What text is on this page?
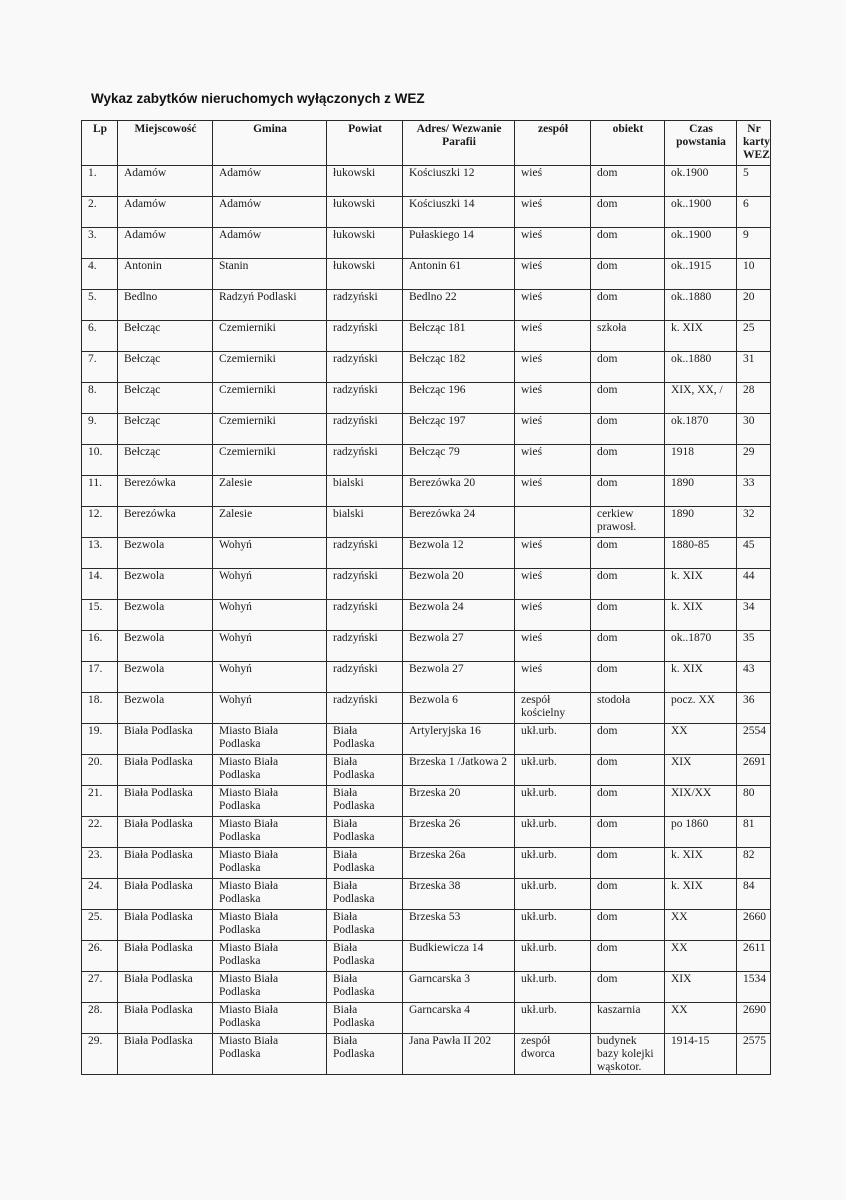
Wykaz zabytków nieruchomych wyłączonych z WEZ
Lp	Miejscowość	Gmina	Powiat	Adres/ Wezwanie Parafii	zespół	obiekt	Czas powstania	Nr karty WEZ
1.	Adamów	Adamów	łukowski	Kościuszki 12	wieś	dom	ok.1900	5
2.	Adamów	Adamów	łukowski	Kościuszki 14	wieś	dom	ok..1900	6
3.	Adamów	Adamów	łukowski	Pułaskiego 14	wieś	dom	ok..1900	9
4.	Antonin	Stanin	łukowski	Antonin 61	wieś	dom	ok..1915	10
5.	Bedlno	Radzyń Podlaski	radzyński	Bedlno 22	wieś	dom	ok..1880	20
6.	Bełcząc	Czemierniki	radzyński	Bełcząc 181	wieś	szkoła	k. XIX	25
7.	Bełcząc	Czemierniki	radzyński	Bełcząc 182	wieś	dom	ok..1880	31
8.	Bełcząc	Czemierniki	radzyński	Bełcząc 196	wieś	dom	XIX, XX, /	28
9.	Bełcząc	Czemierniki	radzyński	Bełcząc 197	wieś	dom	ok.1870	30
10.	Bełcząc	Czemierniki	radzyński	Bełcząc 79	wieś	dom	1918	29
11.	Berezówka	Zalesie	bialski	Berezówka 20	wieś	dom	1890	33
12.	Berezówka	Zalesie	bialski	Berezówka 24		cerkiew prawosł.	1890	32
13.	Bezwola	Wohyń	radzyński	Bezwola 12	wieś	dom	1880-85	45
14.	Bezwola	Wohyń	radzyński	Bezwola 20	wieś	dom	k. XIX	44
15.	Bezwola	Wohyń	radzyński	Bezwola 24	wieś	dom	k. XIX	34
16.	Bezwola	Wohyń	radzyński	Bezwola 27	wieś	dom	ok..1870	35
17.	Bezwola	Wohyń	radzyński	Bezwola 27	wieś	dom	k. XIX	43
18.	Bezwola	Wohyń	radzyński	Bezwola 6	zespół kościelny	stodoła	pocz. XX	36
19.	Biała Podlaska	Miasto Biała Podlaska	Biała Podlaska	Artyleryjska 16	ukł.urb.	dom	XX	2554
20.	Biała Podlaska	Miasto Biała Podlaska	Biała Podlaska	Brzeska 1 /Jatkowa 2	ukł.urb.	dom	XIX	2691
21.	Biała Podlaska	Miasto Biała Podlaska	Biała Podlaska	Brzeska 20	ukł.urb.	dom	XIX/XX	80
22.	Biała Podlaska	Miasto Biała Podlaska	Biała Podlaska	Brzeska 26	ukł.urb.	dom	po 1860	81
23.	Biała Podlaska	Miasto Biała Podlaska	Biała Podlaska	Brzeska 26a	ukł.urb.	dom	k. XIX	82
24.	Biała Podlaska	Miasto Biała Podlaska	Biała Podlaska	Brzeska 38	ukł.urb.	dom	k. XIX	84
25.	Biała Podlaska	Miasto Biała Podlaska	Biała Podlaska	Brzeska 53	ukł.urb.	dom	XX	2660
26.	Biała Podlaska	Miasto Biała Podlaska	Biała Podlaska	Budkiewicza 14	ukł.urb.	dom	XX	2611
27.	Biała Podlaska	Miasto Biała Podlaska	Biała Podlaska	Garncarska 3	ukł.urb.	dom	XIX	1534
28.	Biała Podlaska	Miasto Biała Podlaska	Biała Podlaska	Garncarska 4	ukł.urb.	kaszarnia	XX	2690
29.	Biała Podlaska	Miasto Biała Podlaska	Biała Podlaska	Jana Pawła II 202	zespół dworca	budynek bazy kolejki wąskotor.	1914-15	2575
